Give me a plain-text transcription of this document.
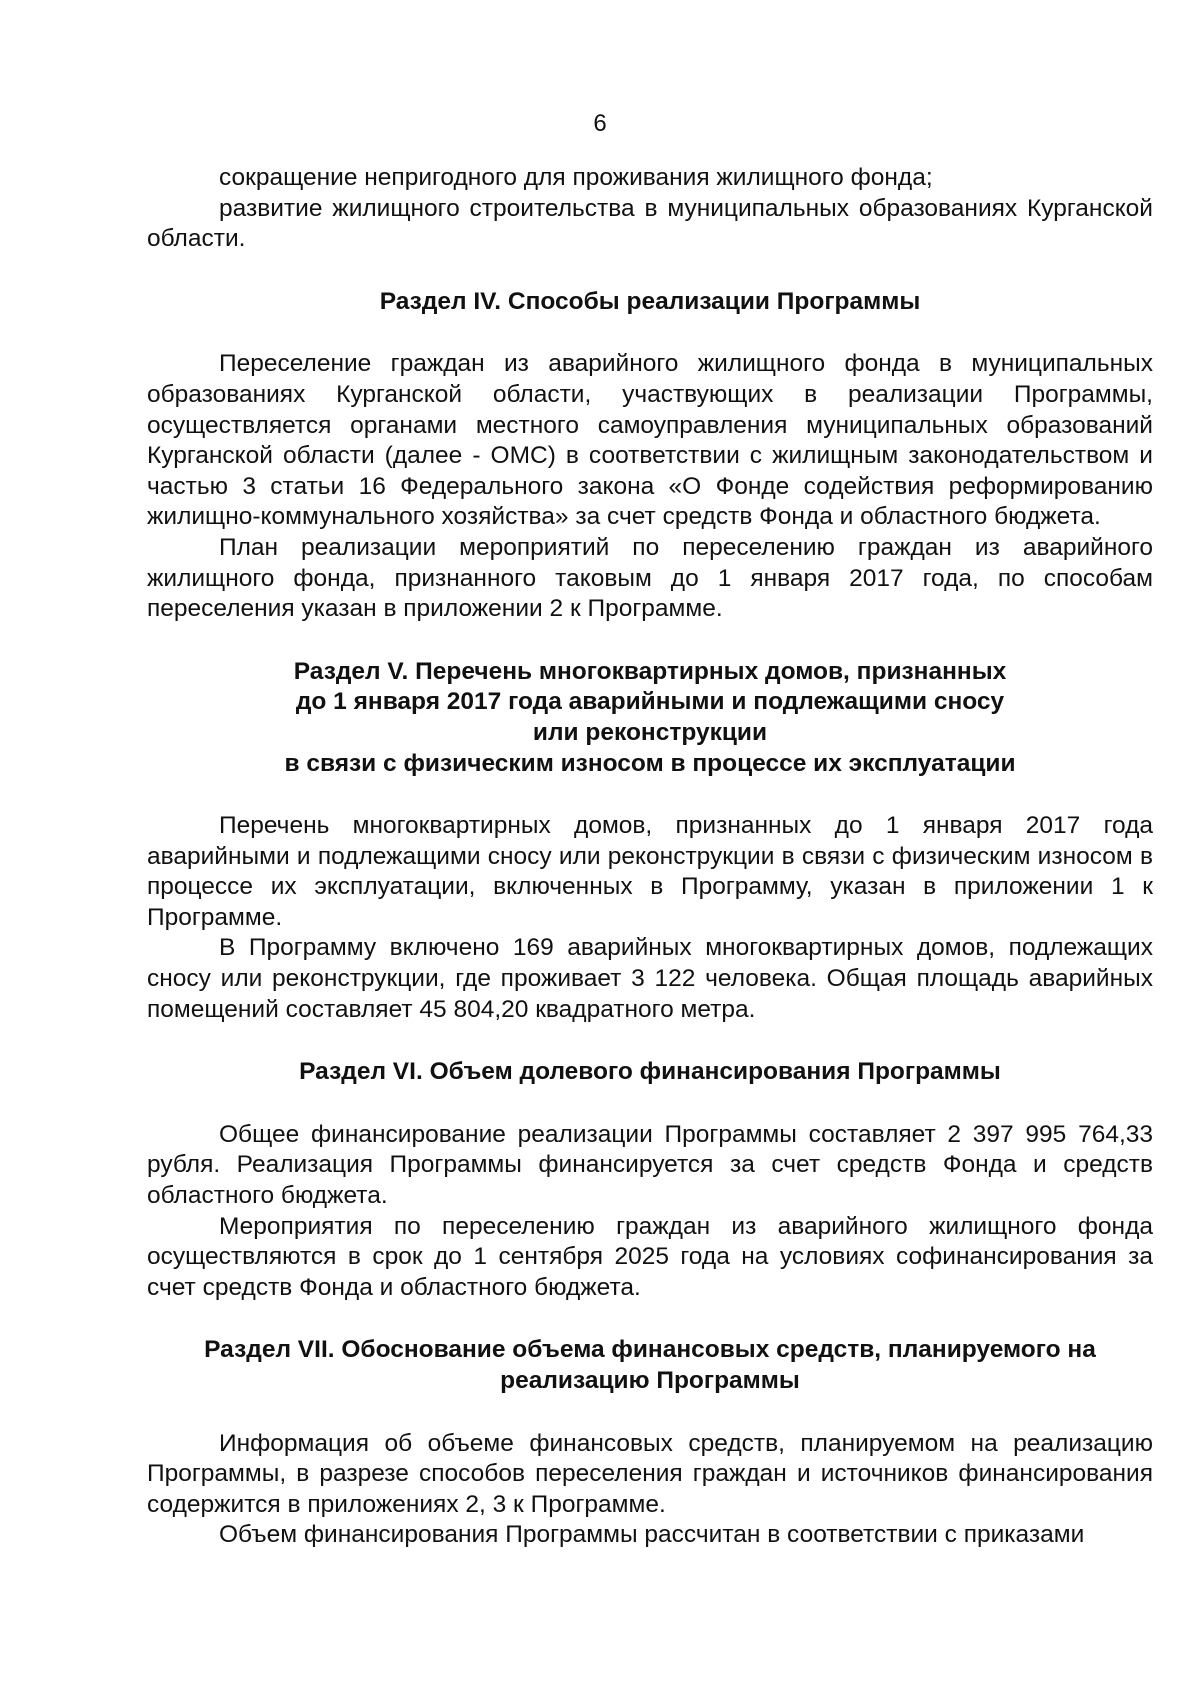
6

сокращение непригодного для проживания жилищного фонда;

развитие жилищного строительства в муниципальных образованиях Курганской области.

Раздел IV. Способы реализации Программы

Переселение граждан из аварийного жилищного фонда в муниципальных образованиях Курганской области, участвующих в реализации Программы, осуществляется органами местного самоуправления муниципальных образований Курганской области (далее - ОМС) в соответствии с жилищным законодательством и частью 3 статьи 16 Федерального закона «О Фонде содействия реформированию жилищно-коммунального хозяйства» за счет средств Фонда и областного бюджета.

План реализации мероприятий по переселению граждан из аварийного жилищного фонда, признанного таковым до 1 января 2017 года, по способам переселения указан в приложении 2 к Программе.

Раздел V. Перечень многоквартирных домов, признанных
до 1 января 2017 года аварийными и подлежащими сносу
или реконструкции
в связи с физическим износом в процессе их эксплуатации

Перечень многоквартирных домов, признанных до 1 января 2017 года аварийными и подлежащими сносу или реконструкции в связи с физическим износом в процессе их эксплуатации, включенных в Программу, указан в приложении 1 к Программе.

В Программу включено 169 аварийных многоквартирных домов, подлежащих сносу или реконструкции, где проживает 3 122 человека. Общая площадь аварийных помещений составляет 45 804,20 квадратного метра.

Раздел VI. Объем долевого финансирования Программы

Общее финансирование реализации Программы составляет 2 397 995 764,33 рубля. Реализация Программы финансируется за счет средств Фонда и средств областного бюджета.

Мероприятия по переселению граждан из аварийного жилищного фонда осуществляются в срок до 1 сентября 2025 года на условиях софинансирования за счет средств Фонда и областного бюджета.

Раздел VII. Обоснование объема финансовых средств, планируемого на
реализацию Программы

Информация об объеме финансовых средств, планируемом на реализацию Программы, в разрезе способов переселения граждан и источников финансирования содержится в приложениях 2, 3 к Программе.

Объем финансирования Программы рассчитан в соответствии с приказами
